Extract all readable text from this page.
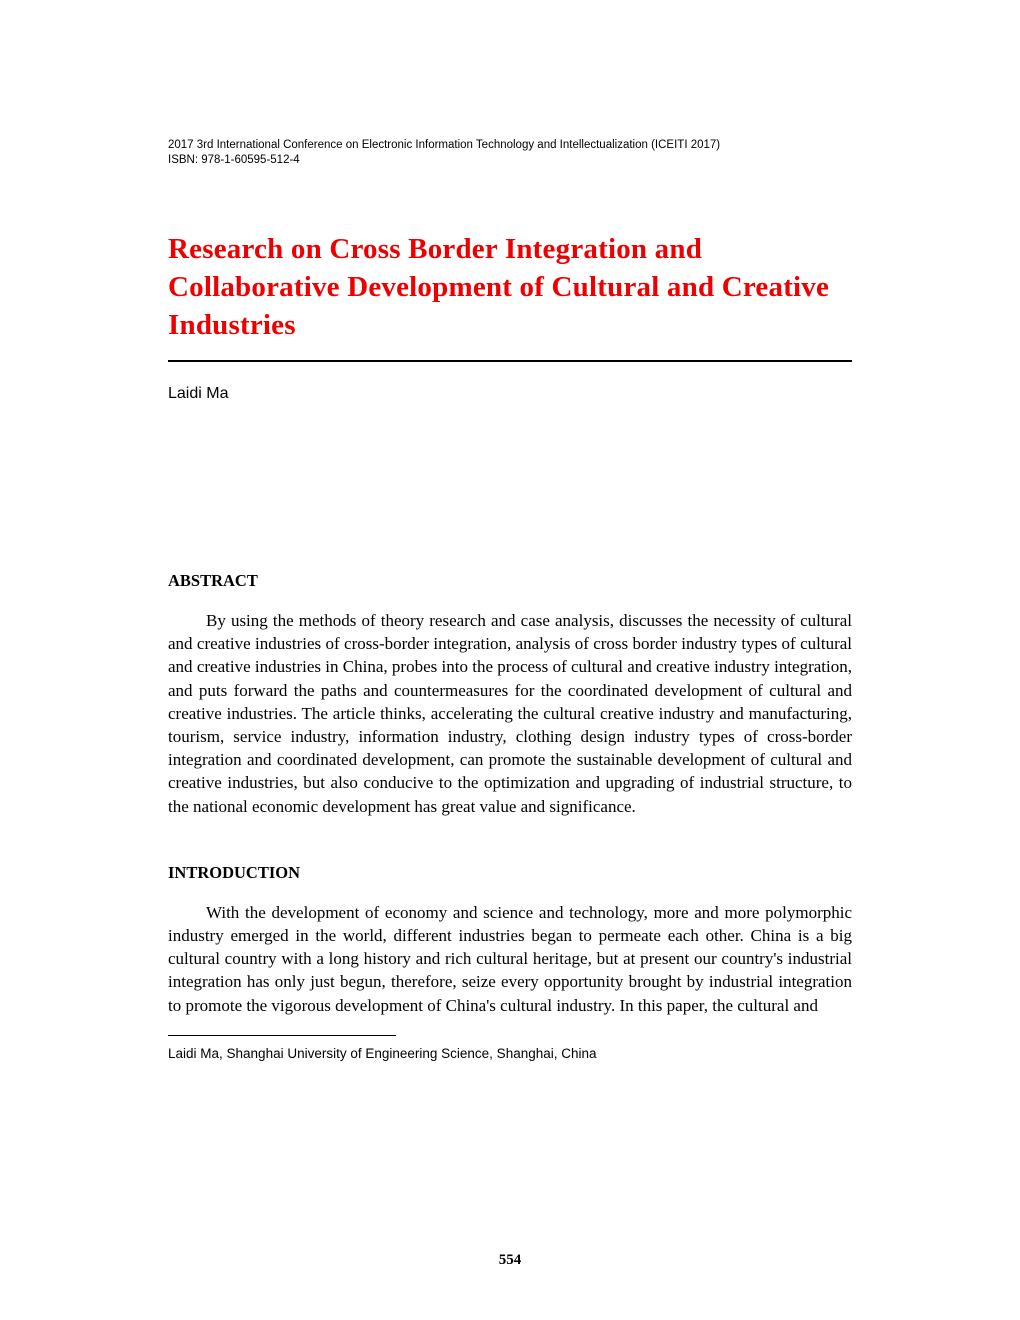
2017 3rd International Conference on Electronic Information Technology and Intellectualization (ICEITI 2017)
ISBN: 978-1-60595-512-4
Research on Cross Border Integration and Collaborative Development of Cultural and Creative Industries
Laidi Ma
ABSTRACT

By using the methods of theory research and case analysis, discusses the necessity of cultural and creative industries of cross-border integration, analysis of cross border industry types of cultural and creative industries in China, probes into the process of cultural and creative industry integration, and puts forward the paths and countermeasures for the coordinated development of cultural and creative industries. The article thinks, accelerating the cultural creative industry and manufacturing, tourism, service industry, information industry, clothing design industry types of cross-border integration and coordinated development, can promote the sustainable development of cultural and creative industries, but also conducive to the optimization and upgrading of industrial structure, to the national economic development has great value and significance.

INTRODUCTION

With the development of economy and science and technology, more and more polymorphic industry emerged in the world, different industries began to permeate each other. China is a big cultural country with a long history and rich cultural heritage, but at present our country's industrial integration has only just begun, therefore, seize every opportunity brought by industrial integration to promote the vigorous development of China's cultural industry. In this paper, the cultural and

Laidi Ma, Shanghai University of Engineering Science, Shanghai, China
554
